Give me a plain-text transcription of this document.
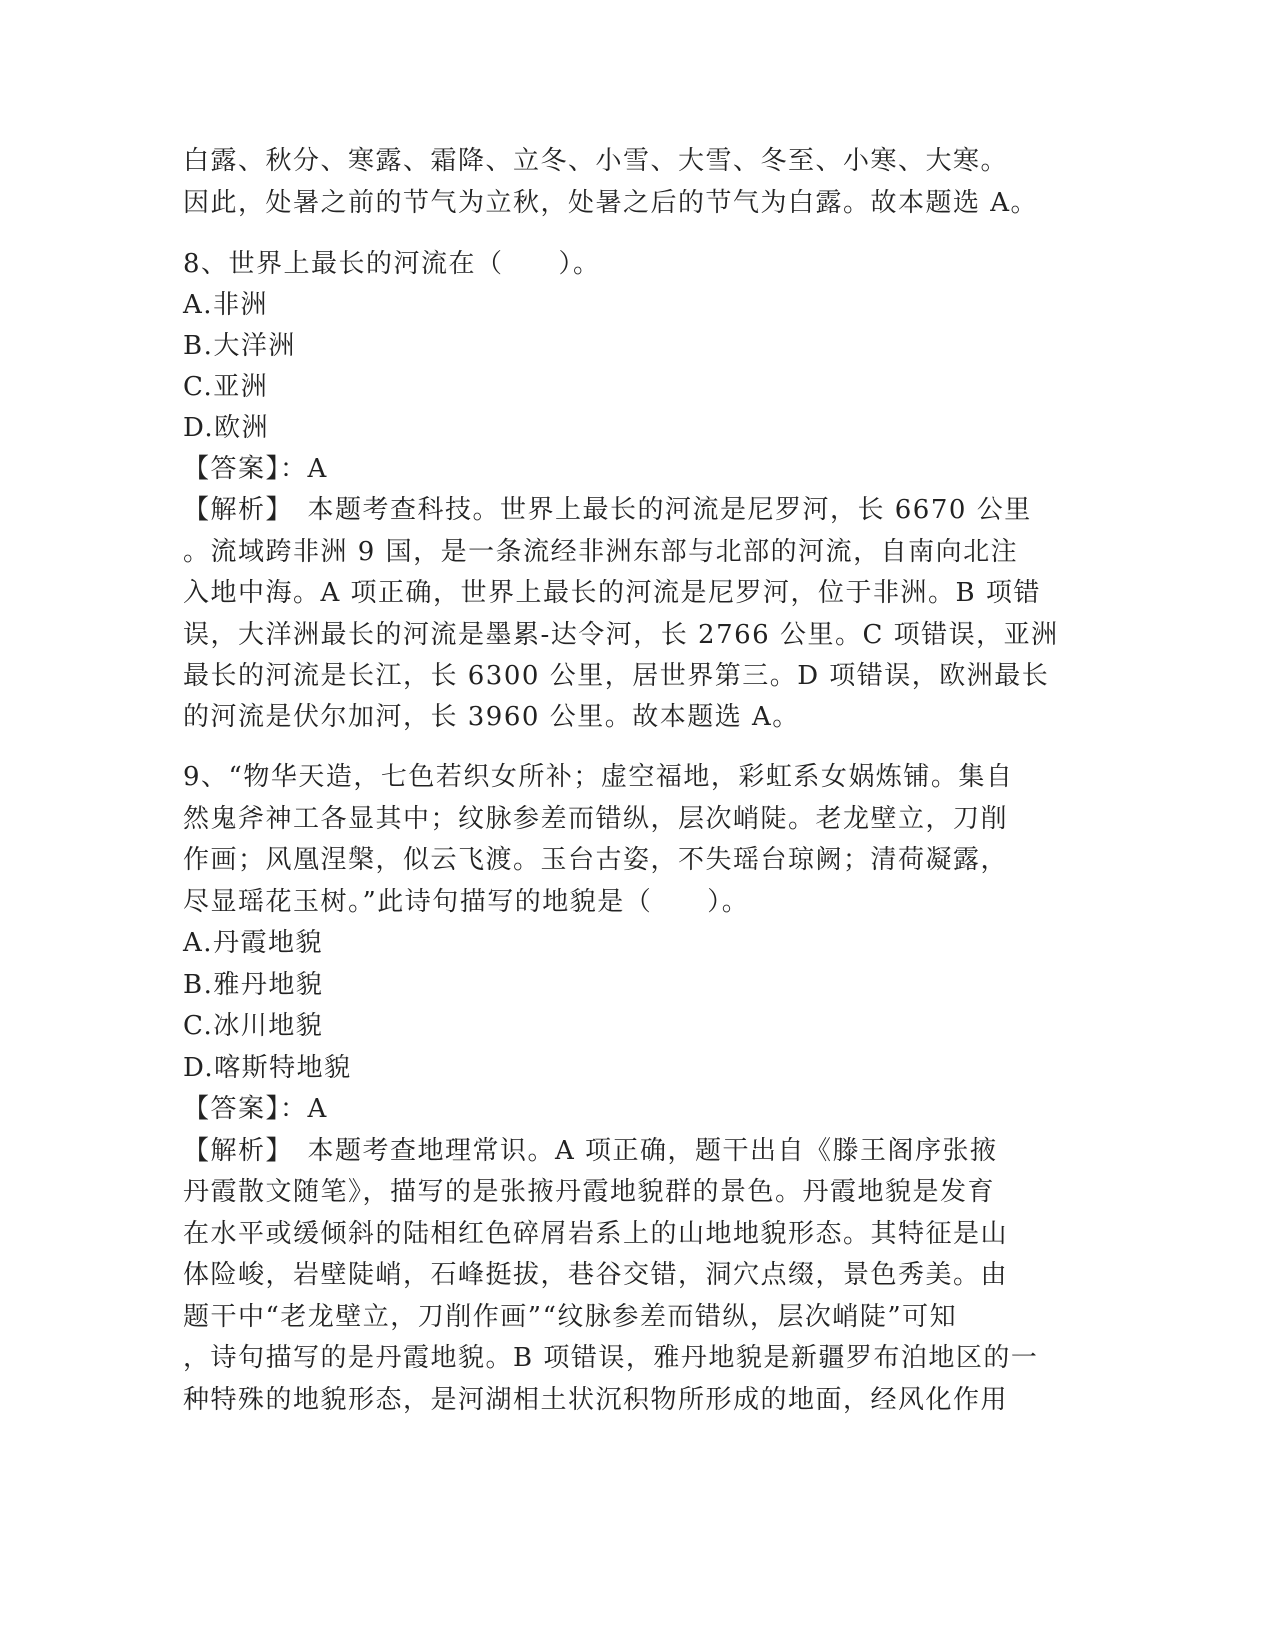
白露、秋分、寒露、霜降、立冬、小雪、大雪、冬至、小寒、大寒。
因此，处暑之前的节气为立秋，处暑之后的节气为白露。故本题选 A。
8、世界上最长的河流在（　　）。
A.非洲
B.大洋洲
C.亚洲
D.欧洲
【答案】：A
【解析】　本题考查科技。世界上最长的河流是尼罗河，长 6670 公里
。流域跨非洲 9 国，是一条流经非洲东部与北部的河流，自南向北注
入地中海。A 项正确，世界上最长的河流是尼罗河，位于非洲。B 项错
误，大洋洲最长的河流是墨累-达令河，长 2766 公里。C 项错误，亚洲
最长的河流是长江，长 6300 公里，居世界第三。D 项错误，欧洲最长
的河流是伏尔加河，长 3960 公里。故本题选 A。
9、“物华天造，七色若织女所补；虚空福地，彩虹系女娲炼铺。集自
然鬼斧神工各显其中；纹脉参差而错纵，层次峭陡。老龙壁立，刀削
作画；风凰涅槃，似云飞渡。玉台古姿，不失瑶台琼阙；清荷凝露，
尽显瑶花玉树。”此诗句描写的地貌是（　　）。
A.丹霞地貌
B.雅丹地貌
C.冰川地貌
D.喀斯特地貌
【答案】：A
【解析】　本题考查地理常识。A 项正确，题干出自《滕王阁序张掖
丹霞散文随笔》，描写的是张掖丹霞地貌群的景色。丹霞地貌是发育
在水平或缓倾斜的陆相红色碎屑岩系上的山地地貌形态。其特征是山
体险峻，岩壁陡峭，石峰挺拔，巷谷交错，洞穴点缀，景色秀美。由
题干中“老龙壁立，刀削作画”“纹脉参差而错纵，层次峭陡”可知
，诗句描写的是丹霞地貌。B 项错误，雅丹地貌是新疆罗布泊地区的一
种特殊的地貌形态，是河湖相土状沉积物所形成的地面，经风化作用
